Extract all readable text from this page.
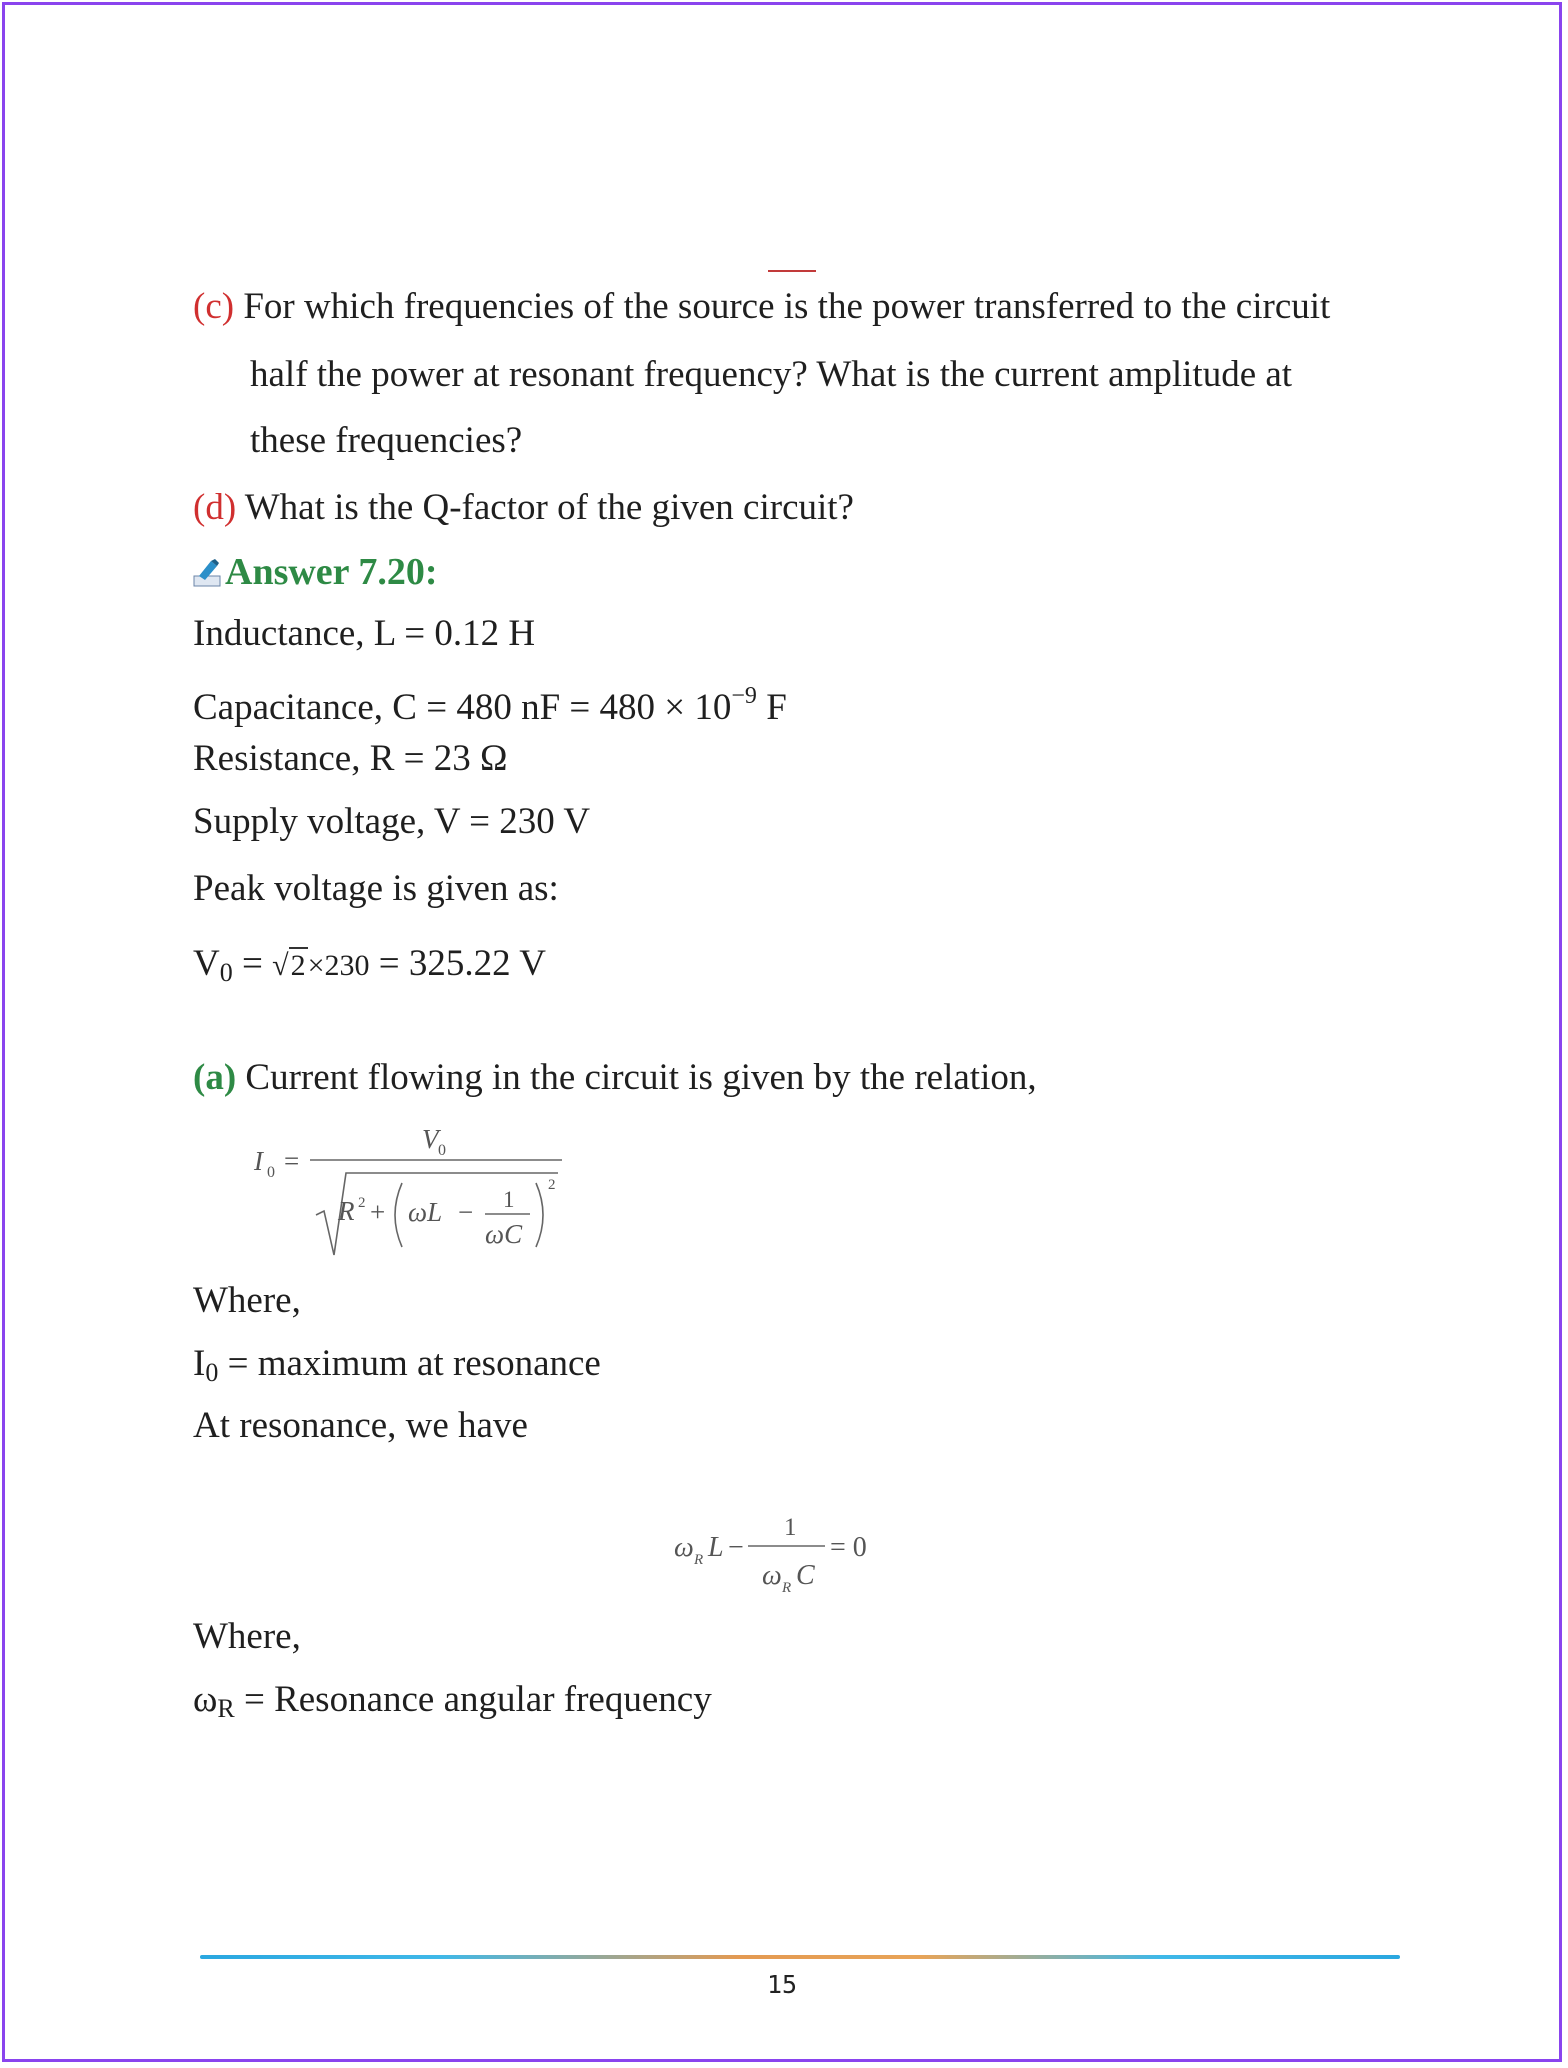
(c) For which frequencies of the source is the power transferred to the circuit
half the power at resonant frequency? What is the current amplitude at
these frequencies?
(d) What is the Q-factor of the given circuit?
Answer 7.20:
Inductance, L = 0.12 H
Capacitance, C = 480 nF = $480 \times 10^{-9}$ F
Resistance, R = 23 Ω
Supply voltage, V = 230 V
Peak voltage is given as:
$V_0 = √2\times 230 = 325.22$ V
(a) Current flowing in the circuit is given by the relation,
I 0 =
V 0
R 2 + ωL − 1
ωC
2
Where,
$I_0$ = maximum at resonance
At resonance, we have
ω R L −
1
ω R C
= 0
Where,
$\omega_R$ = Resonance angular frequency
15
